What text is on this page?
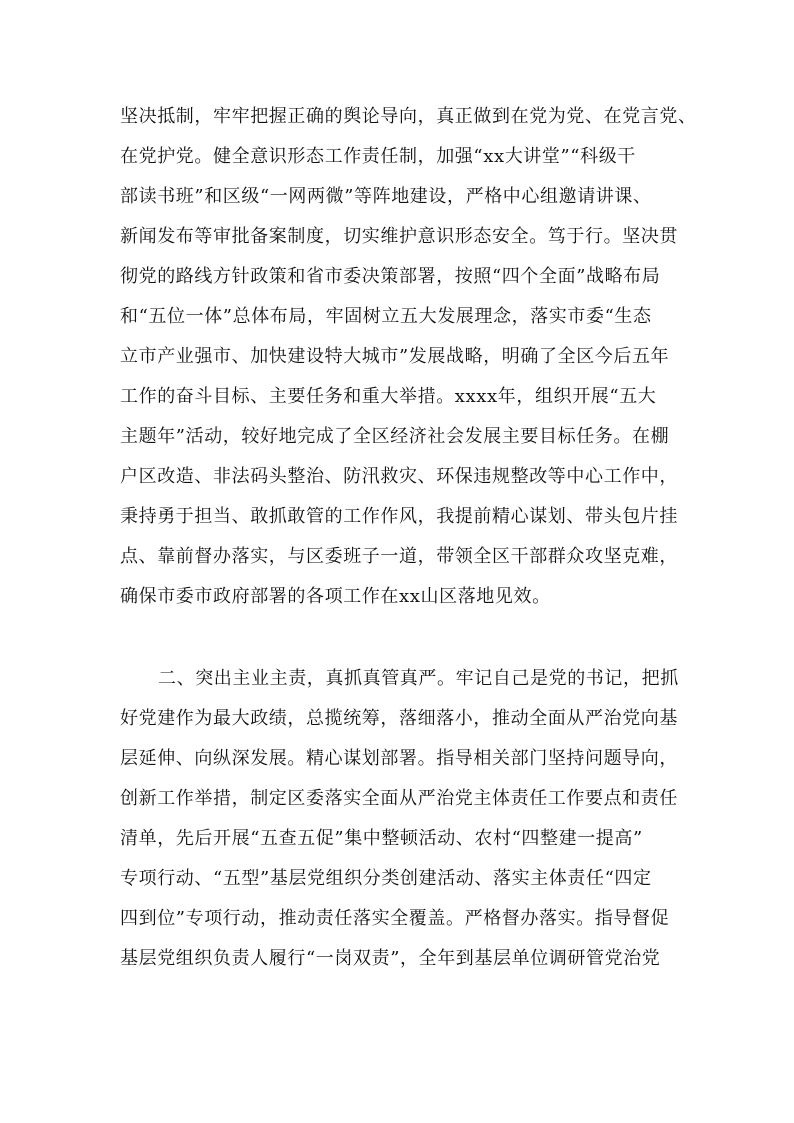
坚决抵制，牢牢把握正确的舆论导向，真正做到在党为党、在党言党、
在党护党。健全意识形态工作责任制，加强“xx大讲堂”“科级干
部读书班”和区级“一网两微”等阵地建设，严格中心组邀请讲课、
新闻发布等审批备案制度，切实维护意识形态安全。笃于行。坚决贯
彻党的路线方针政策和省市委决策部署，按照“四个全面”战略布局
和“五位一体”总体布局，牢固树立五大发展理念，落实市委“生态
立市产业强市、加快建设特大城市”发展战略，明确了全区今后五年
工作的奋斗目标、主要任务和重大举措。xxxx年，组织开展“五大
主题年”活动，较好地完成了全区经济社会发展主要目标任务。在棚
户区改造、非法码头整治、防汛救灾、环保违规整改等中心工作中，
秉持勇于担当、敢抓敢管的工作作风，我提前精心谋划、带头包片挂
点、靠前督办落实，与区委班子一道，带领全区干部群众攻坚克难，
确保市委市政府部署的各项工作在xx山区落地见效。
二、突出主业主责，真抓真管真严。牢记自己是党的书记，把抓
好党建作为最大政绩，总揽统筹，落细落小，推动全面从严治党向基
层延伸、向纵深发展。精心谋划部署。指导相关部门坚持问题导向，
创新工作举措，制定区委落实全面从严治党主体责任工作要点和责任
清单，先后开展“五查五促”集中整顿活动、农村“四整建一提高”
专项行动、“五型”基层党组织分类创建活动、落实主体责任“四定
四到位”专项行动，推动责任落实全覆盖。严格督办落实。指导督促
基层党组织负责人履行“一岗双责”，全年到基层单位调研管党治党
